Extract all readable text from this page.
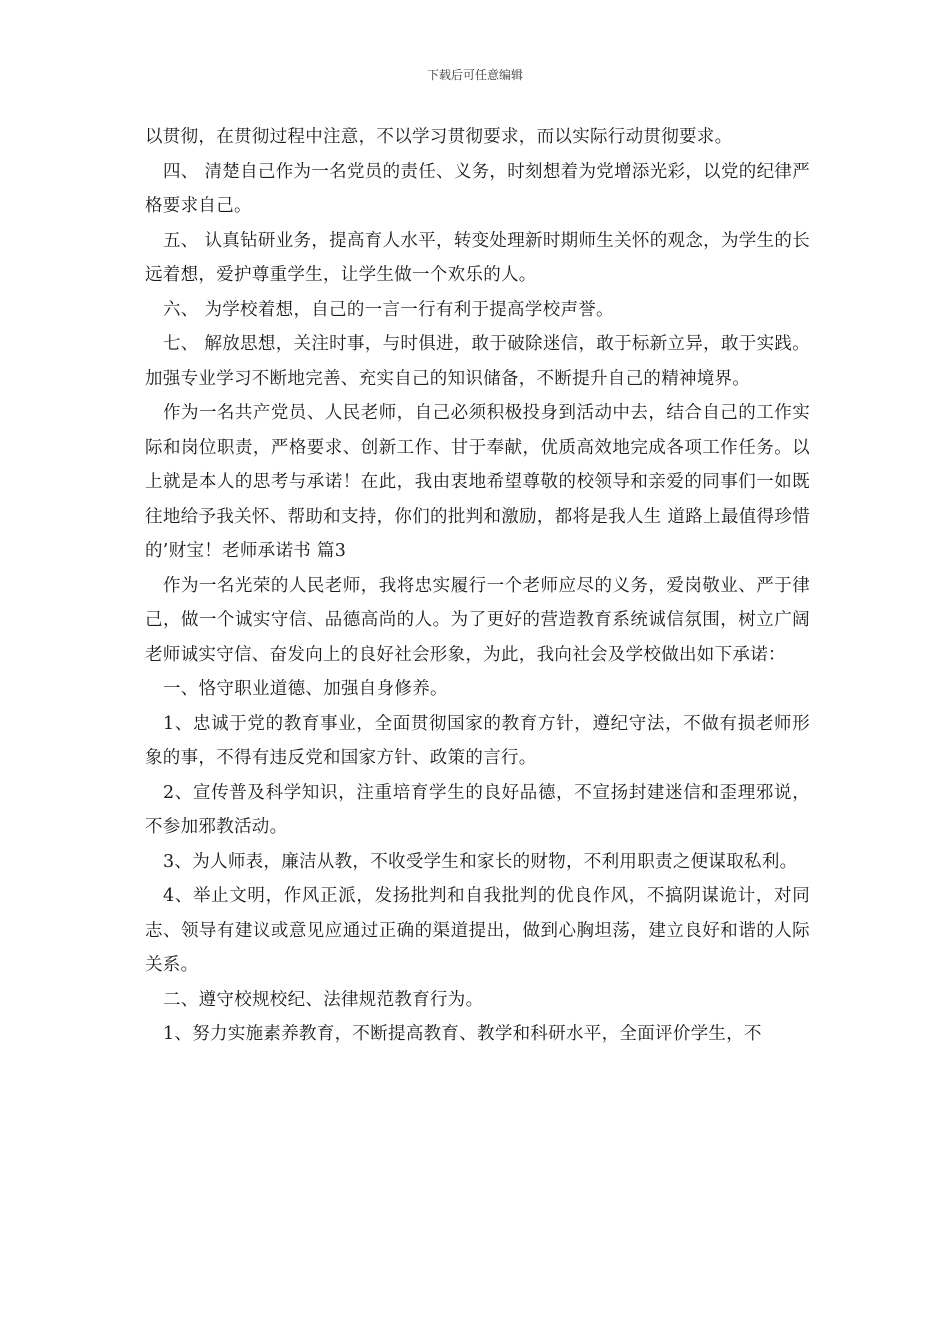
下载后可任意编辑

以贯彻，在贯彻过程中注意，不以学习贯彻要求，而以实际行动贯彻要求。

四、 清楚自己作为一名党员的责任、义务，时刻想着为党增添光彩，以党的纪律严格要求自己。

五、 认真钻研业务，提高育人水平，转变处理新时期师生关怀的观念，为学生的长远着想，爱护尊重学生，让学生做一个欢乐的人。

六、 为学校着想，自己的一言一行有利于提高学校声誉。

七、 解放思想，关注时事，与时俱进，敢于破除迷信，敢于标新立异，敢于实践。加强专业学习不断地完善、充实自己的知识储备，不断提升自己的精神境界。

作为一名共产党员、人民老师，自己必须积极投身到活动中去，结合自己的工作实际和岗位职责，严格要求、创新工作、甘于奉献，优质高效地完成各项工作任务。以上就是本人的思考与承诺！在此，我由衷地希望尊敬的校领导和亲爱的同事们一如既往地给予我关怀、帮助和支持，你们的批判和激励，都将是我人生 道路上最值得珍惜的’财宝！老师承诺书 篇3

作为一名光荣的人民老师，我将忠实履行一个老师应尽的义务，爱岗敬业、严于律己，做一个诚实守信、品德高尚的人。为了更好的营造教育系统诚信氛围，树立广阔老师诚实守信、奋发向上的良好社会形象，为此，我向社会及学校做出如下承诺：

一、恪守职业道德、加强自身修养。

1、忠诚于党的教育事业，全面贯彻国家的教育方针，遵纪守法，不做有损老师形象的事，不得有违反党和国家方针、政策的言行。

2、宣传普及科学知识，注重培育学生的良好品德，不宣扬封建迷信和歪理邪说，不参加邪教活动。

3、为人师表，廉洁从教，不收受学生和家长的财物，不利用职责之便谋取私利。

4、举止文明，作风正派，发扬批判和自我批判的优良作风，不搞阴谋诡计，对同志、领导有建议或意见应通过正确的渠道提出，做到心胸坦荡，建立良好和谐的人际关系。

二、遵守校规校纪、法律规范教育行为。

1、努力实施素养教育，不断提高教育、教学和科研水平，全面评价学生，不
